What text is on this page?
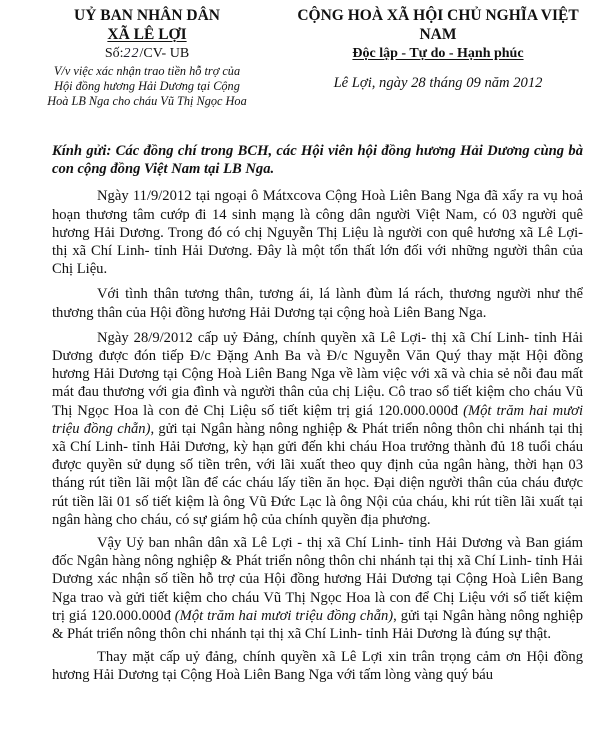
UỶ BAN NHÂN DÂN
XÃ LÊ LỢI
Số:22/CV- UB
V/v việc xác nhận trao tiền hỗ trợ của
Hội đồng hương Hải Dương tại Cộng
Hoà LB Nga cho cháu Vũ Thị Ngọc Hoa
CỘNG HOÀ XÃ HỘI CHỦ NGHĨA VIỆT NAM
Độc lập - Tự do - Hạnh phúc
Lê Lợi, ngày 28 tháng 09 năm 2012
Kính gửi: Các đồng chí trong BCH, các Hội viên hội đồng hương Hải Dương cùng bà con cộng đồng Việt Nam tại LB Nga.

Ngày 11/9/2012 tại ngoại ô Mátxcova Cộng Hoà Liên Bang Nga đã xẩy ra vụ hoả hoạn thương tâm cướp đi 14 sinh mạng là công dân người Việt Nam, có 03 người quê hương Hải Dương. Trong đó có chị Nguyễn Thị Liệu là người con quê hương xã Lê Lợi- thị xã Chí Linh- tỉnh Hải Dương. Đây là một tổn thất lớn đối với những người thân của Chị Liệu.

Với tình thân tương thân, tương ái, lá lành đùm lá rách, thương người như thể thương thân của Hội đồng hương Hải Dương tại cộng hoà Liên Bang Nga.

Ngày 28/9/2012 cấp uỷ Đảng, chính quyền xã Lê Lợi- thị xã Chí Linh- tỉnh Hải Dương được đón tiếp Đ/c Đặng Anh Ba và Đ/c Nguyễn Văn Quý thay mặt Hội đồng hương Hải Dương tại Cộng Hoà Liên Bang Nga về làm việc với xã và chia sẻ nỗi đau mất mát đau thương với gia đình và người thân của chị Liệu. Cô trao sổ tiết kiệm cho cháu Vũ Thị Ngọc Hoa là con đẻ Chị Liệu số tiết kiệm trị giá 120.000.000đ (Một trăm hai mươi triệu đồng chẵn), gửi tại Ngân hàng nông nghiệp & Phát triển nông thôn chi nhánh tại thị xã Chí Linh- tỉnh Hải Dương, kỳ hạn gửi đến khi cháu Hoa trưởng thành đủ 18 tuổi cháu được quyền sử dụng số tiền trên, với lãi xuất theo quy định của ngân hàng, thời hạn 03 tháng rút tiền lãi một lần để các cháu lấy tiền ăn học. Đại diện người thân của cháu được rút tiền lãi 01 số tiết kiệm là ông Vũ Đức Lạc là ông Nội của cháu, khi rút tiền lãi xuất tại ngân hàng cho cháu, có sự giám hộ của chính quyền địa phương.

Vậy Uỷ ban nhân dân xã Lê Lợi - thị xã Chí Linh- tỉnh Hải Dương và Ban giám đốc Ngân hàng nông nghiệp & Phát triển nông thôn chi nhánh tại thị xã Chí Linh- tỉnh Hải Dương xác nhận số tiền hỗ trợ của Hội đồng hương Hải Dương tại Cộng Hoà Liên Bang Nga trao và gửi tiết kiệm cho cháu Vũ Thị Ngọc Hoa là con để Chị Liệu với sổ tiết kiệm trị giá 120.000.000đ (Một trăm hai mươi triệu đồng chẵn), gửi tại Ngân hàng nông nghiệp & Phát triển nông thôn chi nhánh tại thị xã Chí Linh- tỉnh Hải Dương là đúng sự thật.

Thay mặt cấp uỷ đảng, chính quyền xã Lê Lợi xin trân trọng cảm ơn Hội đồng hương Hải Dương tại Cộng Hoà Liên Bang Nga với tấm lòng vàng quý báu
